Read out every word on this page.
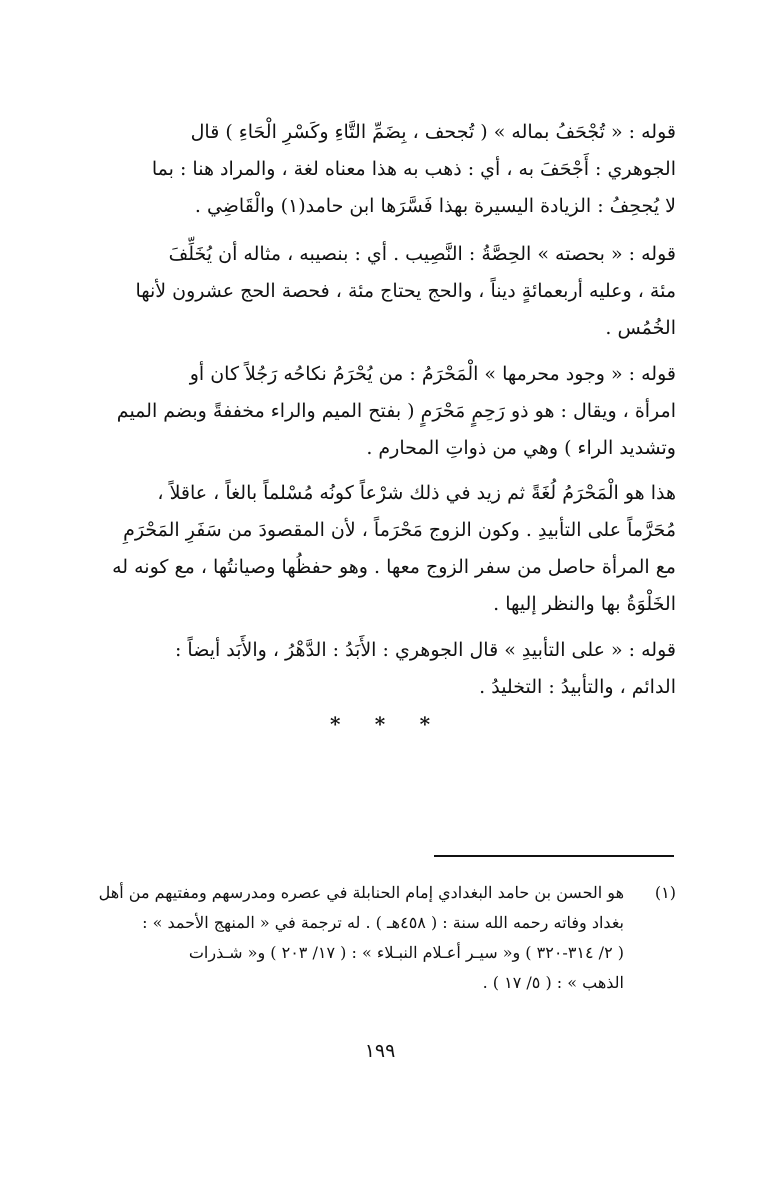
قوله : « تُجْحَفُ بماله » ( تُجحف ، بِضَمِّ التَّاءِ وكَسْرِ الْحَاءِ ) قال
الجوهري : أَجْحَفَ به ، أي : ذهب به هذا معناه لغة ، والمراد هنا : بما
لا يُجحِفُ : الزيادة اليسيرة بهذا فَسَّرَها ابن حامد(١) والْقَاضِي .
قوله : « بحصته » الحِصَّةُ : النَّصِيب . أي : بنصيبه ، مثاله أن يُخَلِّفَ
مئة ، وعليه أربعمائةٍ ديناً ، والحج يحتاج مئة ، فحصة الحج عشرون لأنها
الخُمُس .
قوله : « وجود محرمها » الْمَحْرَمُ : من يُحْرَمُ نكاحُه رَجُلاً كان أو
امرأة ، ويقال : هو ذو رَحِمٍ مَحْرَمٍ ( بفتح الميم والراء مخففةً وبضم الميم
وتشديد الراء ) وهي من ذواتِ المحارم .
هذا هو الْمَحْرَمُ لُغَةً ثم زيد في ذلك شرْعاً كونُه مُسْلماً بالغاً ، عاقلاً ،
مُحَرَّماً على التأبيدِ . وكون الزوج مَحْرَماً ، لأن المقصودَ من سَفَرِ المَحْرَمِ
مع المرأة حاصل من سفر الزوج معها . وهو حفظُها وصيانتُها ، مع كونه له
الخَلْوَةُ بها والنظر إليها .
قوله : « على التأبيدِ » قال الجوهري : الأَبَدُ : الدَّهْرُ ، والأَبَد أيضاً :
الدائم ، والتأبيدُ : التخليدُ .
* * *
(١)
هو الحسن بن حامد البغدادي إمام الحنابلة في عصره ومدرسهم ومفتيهم من أهل
بغداد وفاته رحمه الله سنة : ( ٤٥٨هـ ) . له ترجمة في « المنهج الأحمد » :
( ٢/ ٣١٤-٣٢٠ ) و« سيـر أعـلام النبـلاء » : ( ١٧/ ٢٠٣ ) و« شـذرات
الذهب » : ( ٥/ ١٧ ) .
١٩٩
